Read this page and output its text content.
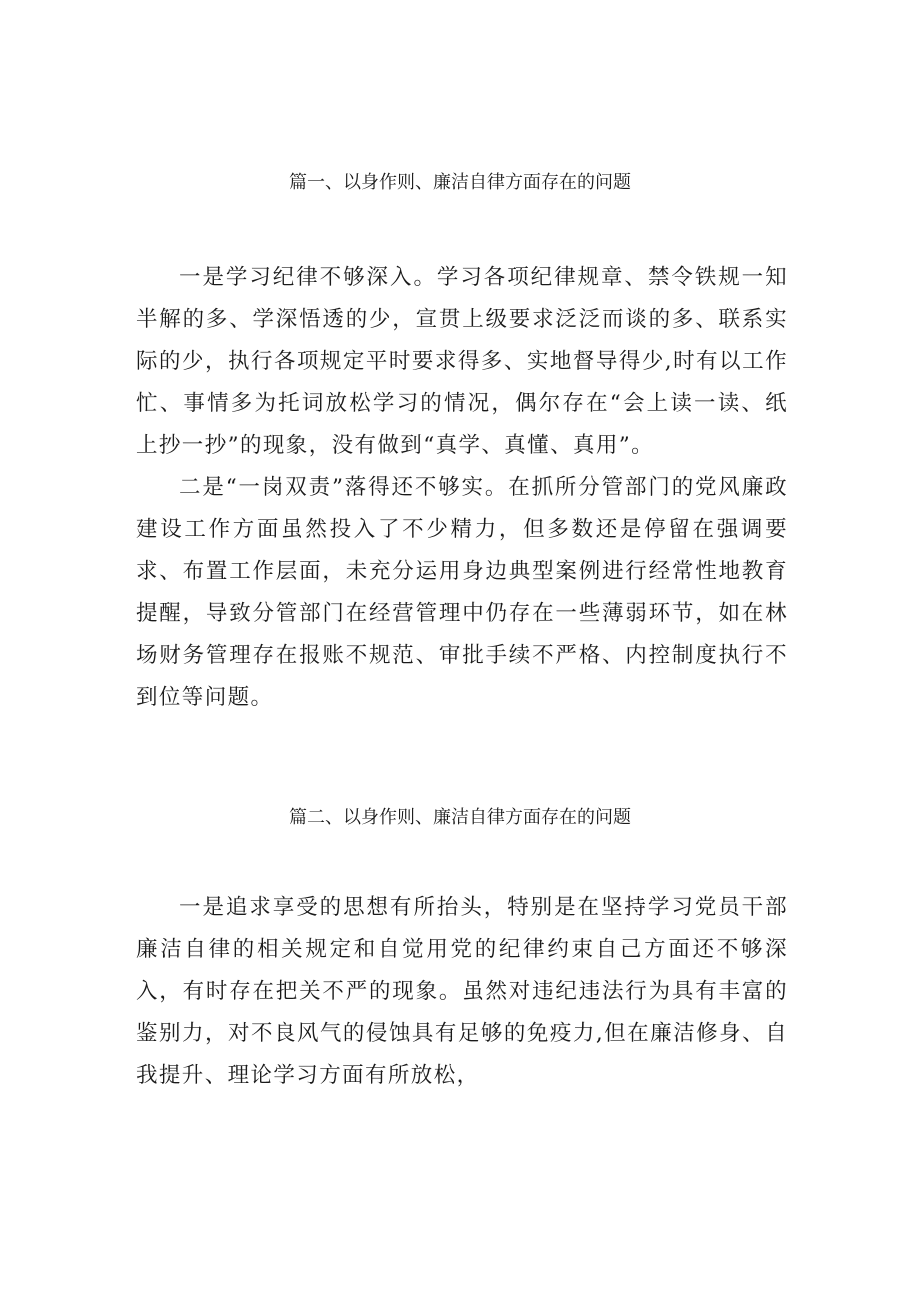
篇一、以身作则、廉洁自律方面存在的问题

一是学习纪律不够深入。学习各项纪律规章、禁令铁规一知半解的多、学深悟透的少，宣贯上级要求泛泛而谈的多、联系实际的少，执行各项规定平时要求得多、实地督导得少,时有以工作忙、事情多为托词放松学习的情况，偶尔存在“会上读一读、纸上抄一抄”的现象，没有做到“真学、真懂、真用”。

二是“一岗双责”落得还不够实。在抓所分管部门的党风廉政建设工作方面虽然投入了不少精力，但多数还是停留在强调要求、布置工作层面，未充分运用身边典型案例进行经常性地教育提醒，导致分管部门在经营管理中仍存在一些薄弱环节，如在林场财务管理存在报账不规范、审批手续不严格、内控制度执行不到位等问题。

篇二、以身作则、廉洁自律方面存在的问题

一是追求享受的思想有所抬头，特别是在坚持学习党员干部廉洁自律的相关规定和自觉用党的纪律约束自己方面还不够深入，有时存在把关不严的现象。虽然对违纪违法行为具有丰富的鉴别力，对不良风气的侵蚀具有足够的免疫力,但在廉洁修身、自我提升、理论学习方面有所放松，
